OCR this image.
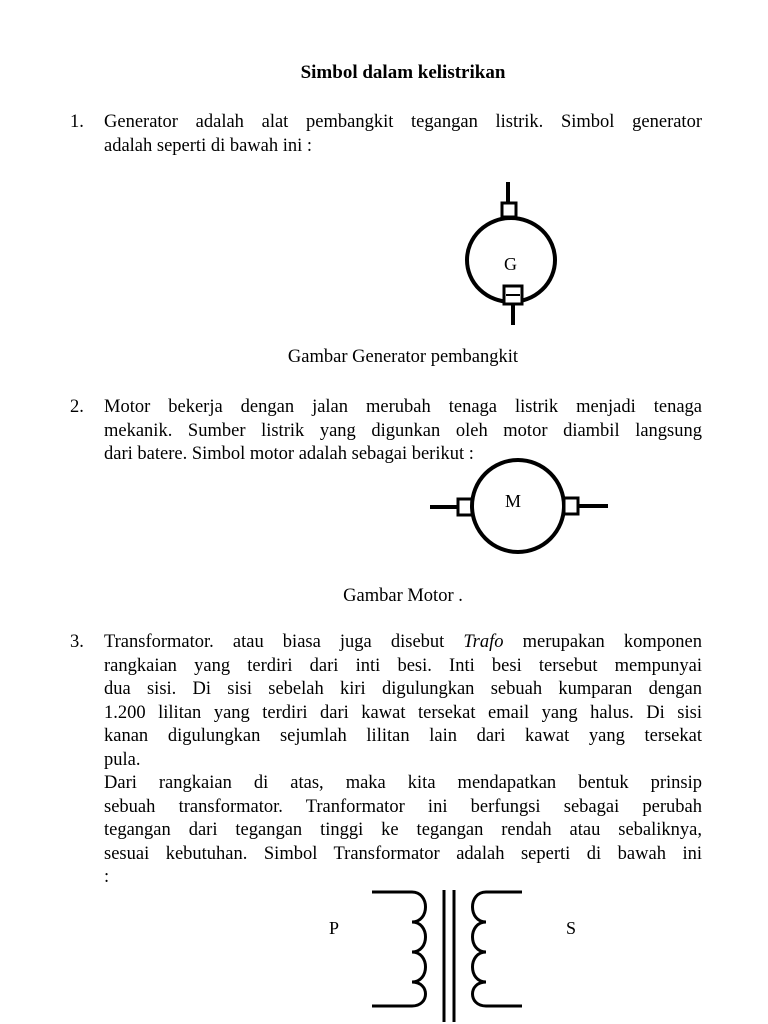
Simbol dalam kelistrikan
1. Generator adalah alat pembangkit tegangan listrik. Simbol generator
adalah seperti di bawah ini :
G
Gambar Generator pembangkit
2. Motor bekerja dengan jalan merubah tenaga listrik menjadi tenaga
mekanik. Sumber listrik yang digunkan oleh motor diambil langsung
dari batere. Simbol motor adalah sebagai berikut :
M
Gambar Motor .
3. Transformator. atau biasa juga disebut Trafo merupakan komponen
rangkaian yang terdiri dari inti besi. Inti besi tersebut mempunyai
dua sisi. Di sisi sebelah kiri digulungkan sebuah kumparan dengan
1.200 lilitan yang terdiri dari kawat tersekat email yang halus. Di sisi
kanan digulungkan sejumlah lilitan lain dari kawat yang tersekat
pula.
Dari rangkaian di atas, maka kita mendapatkan bentuk prinsip
sebuah transformator. Tranformator ini berfungsi sebagai perubah
tegangan dari tegangan tinggi ke tegangan rendah atau sebaliknya,
sesuai kebutuhan. Simbol Transformator adalah seperti di bawah ini
:
P	S
